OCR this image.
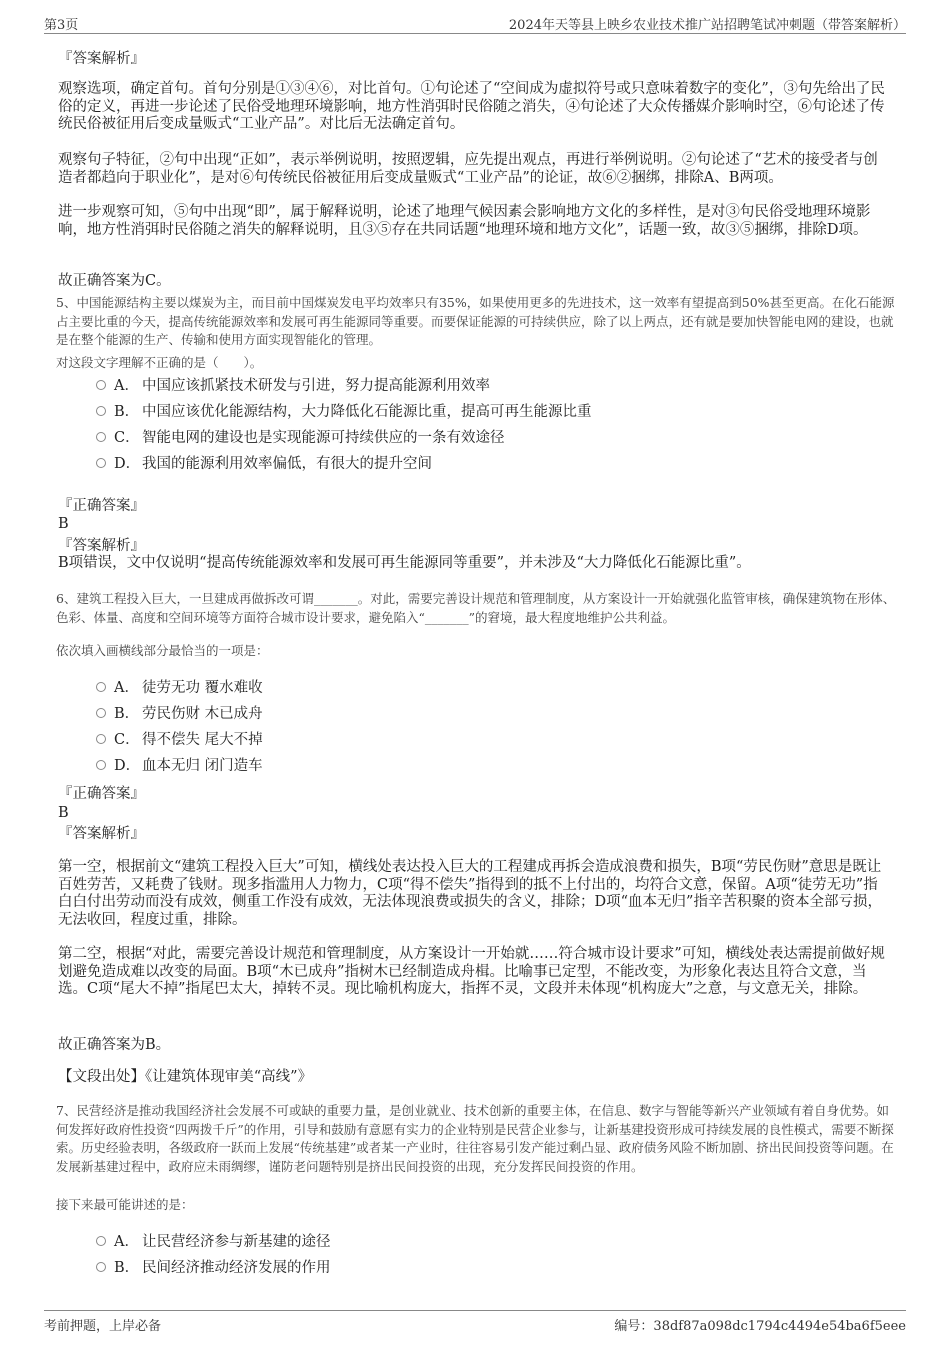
第3页	2024年天等县上映乡农业技术推广站招聘笔试冲刺题（带答案解析）
『答案解析』
观察选项，确定首句。首句分别是①③④⑥，对比首句。①句论述了“空间成为虚拟符号或只意味着数字的变化”，③句先给出了民俗的定义，再进一步论述了民俗受地理环境影响，地方性消弭时民俗随之消失，④句论述了大众传播媒介影响时空，⑥句论述了传统民俗被征用后变成量贩式“工业产品”。对比后无法确定首句。
观察句子特征，②句中出现“正如”，表示举例说明，按照逻辑，应先提出观点，再进行举例说明。②句论述了“艺术的接受者与创造者都趋向于职业化”，是对⑥句传统民俗被征用后变成量贩式“工业产品”的论证，故⑥②捆绑，排除A、B两项。
进一步观察可知，⑤句中出现“即”，属于解释说明，论述了地理气候因素会影响地方文化的多样性，是对③句民俗受地理环境影响，地方性消弭时民俗随之消失的解释说明，且③⑤存在共同话题“地理环境和地方文化”，话题一致，故③⑤捆绑，排除D项。
故正确答案为C。
5、中国能源结构主要以煤炭为主，而目前中国煤炭发电平均效率只有35%，如果使用更多的先进技术，这一效率有望提高到50%甚至更高。在化石能源占主要比重的今天，提高传统能源效率和发展可再生能源同等重要。而要保证能源的可持续供应，除了以上两点，还有就是要加快智能电网的建设，也就是在整个能源的生产、传输和使用方面实现智能化的管理。
对这段文字理解不正确的是（　　）。
A． 中国应该抓紧技术研发与引进，努力提高能源利用效率
B． 中国应该优化能源结构，大力降低化石能源比重，提高可再生能源比重
C． 智能电网的建设也是实现能源可持续供应的一条有效途径
D． 我国的能源利用效率偏低，有很大的提升空间
『正确答案』
B
『答案解析』
B项错误，文中仅说明“提高传统能源效率和发展可再生能源同等重要”，并未涉及“大力降低化石能源比重”。
6、建筑工程投入巨大，一旦建成再做拆改可谓_______。对此，需要完善设计规范和管理制度，从方案设计一开始就强化监管审核，确保建筑物在形体、色彩、体量、高度和空间环境等方面符合城市设计要求，避免陷入“_______”的窘境，最大程度地维护公共利益。
依次填入画横线部分最恰当的一项是：
A． 徒劳无功 覆水难收
B． 劳民伤财 木已成舟
C． 得不偿失 尾大不掉
D． 血本无归 闭门造车
『正确答案』
B
『答案解析』
第一空，根据前文“建筑工程投入巨大”可知，横线处表达投入巨大的工程建成再拆会造成浪费和损失，B项“劳民伤财”意思是既让百姓劳苦，又耗费了钱财。现多指滥用人力物力，C项“得不偿失”指得到的抵不上付出的，均符合文意，保留。A项“徒劳无功”指白白付出劳动而没有成效，侧重工作没有成效，无法体现浪费或损失的含义，排除；D项“血本无归”指辛苦积聚的资本全部亏损，无法收回，程度过重，排除。
第二空，根据“对此，需要完善设计规范和管理制度，从方案设计一开始就……符合城市设计要求”可知，横线处表达需提前做好规划避免造成难以改变的局面。B项“木已成舟”指树木已经制造成舟楫。比喻事已定型，不能改变，为形象化表达且符合文意，当选。C项“尾大不掉”指尾巴太大，掉转不灵。现比喻机构庞大，指挥不灵，文段并未体现“机构庞大”之意，与文意无关，排除。
故正确答案为B。
【文段出处】《让建筑体现审美“高线”》
7、民营经济是推动我国经济社会发展不可或缺的重要力量，是创业就业、技术创新的重要主体，在信息、数字与智能等新兴产业领域有着自身优势。如何发挥好政府性投资“四两拨千斤”的作用，引导和鼓励有意愿有实力的企业特别是民营企业参与，让新基建投资形成可持续发展的良性模式，需要不断探索。历史经验表明，各级政府一跃而上发展“传统基建”或者某一产业时，往往容易引发产能过剩凸显、政府债务风险不断加剧、挤出民间投资等问题。在发展新基建过程中，政府应未雨绸缪，谨防老问题特别是挤出民间投资的出现，充分发挥民间投资的作用。
接下来最可能讲述的是：
A． 让民营经济参与新基建的途径
B． 民间经济推动经济发展的作用
考前押题，上岸必备	编号：38df87a098dc1794c4494e54ba6f5eee
